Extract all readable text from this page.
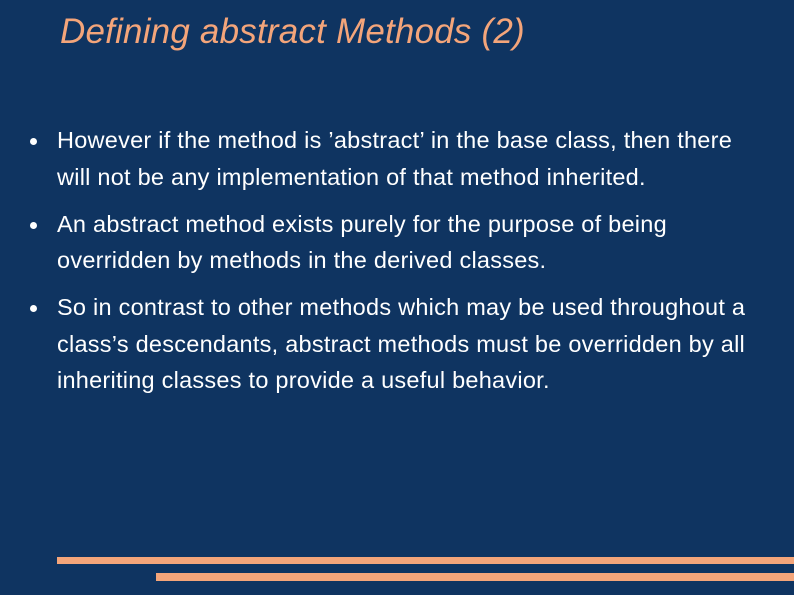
Defining abstract Methods (2)
However if the method is ’abstract’ in the base class, then there will not be any implementation of that method inherited.
An abstract method exists purely for the purpose of being overridden by methods in the derived classes.
So in contrast to other methods which may be used throughout a class’s descendants, abstract methods must be overridden by all inheriting classes to provide a useful behavior.
